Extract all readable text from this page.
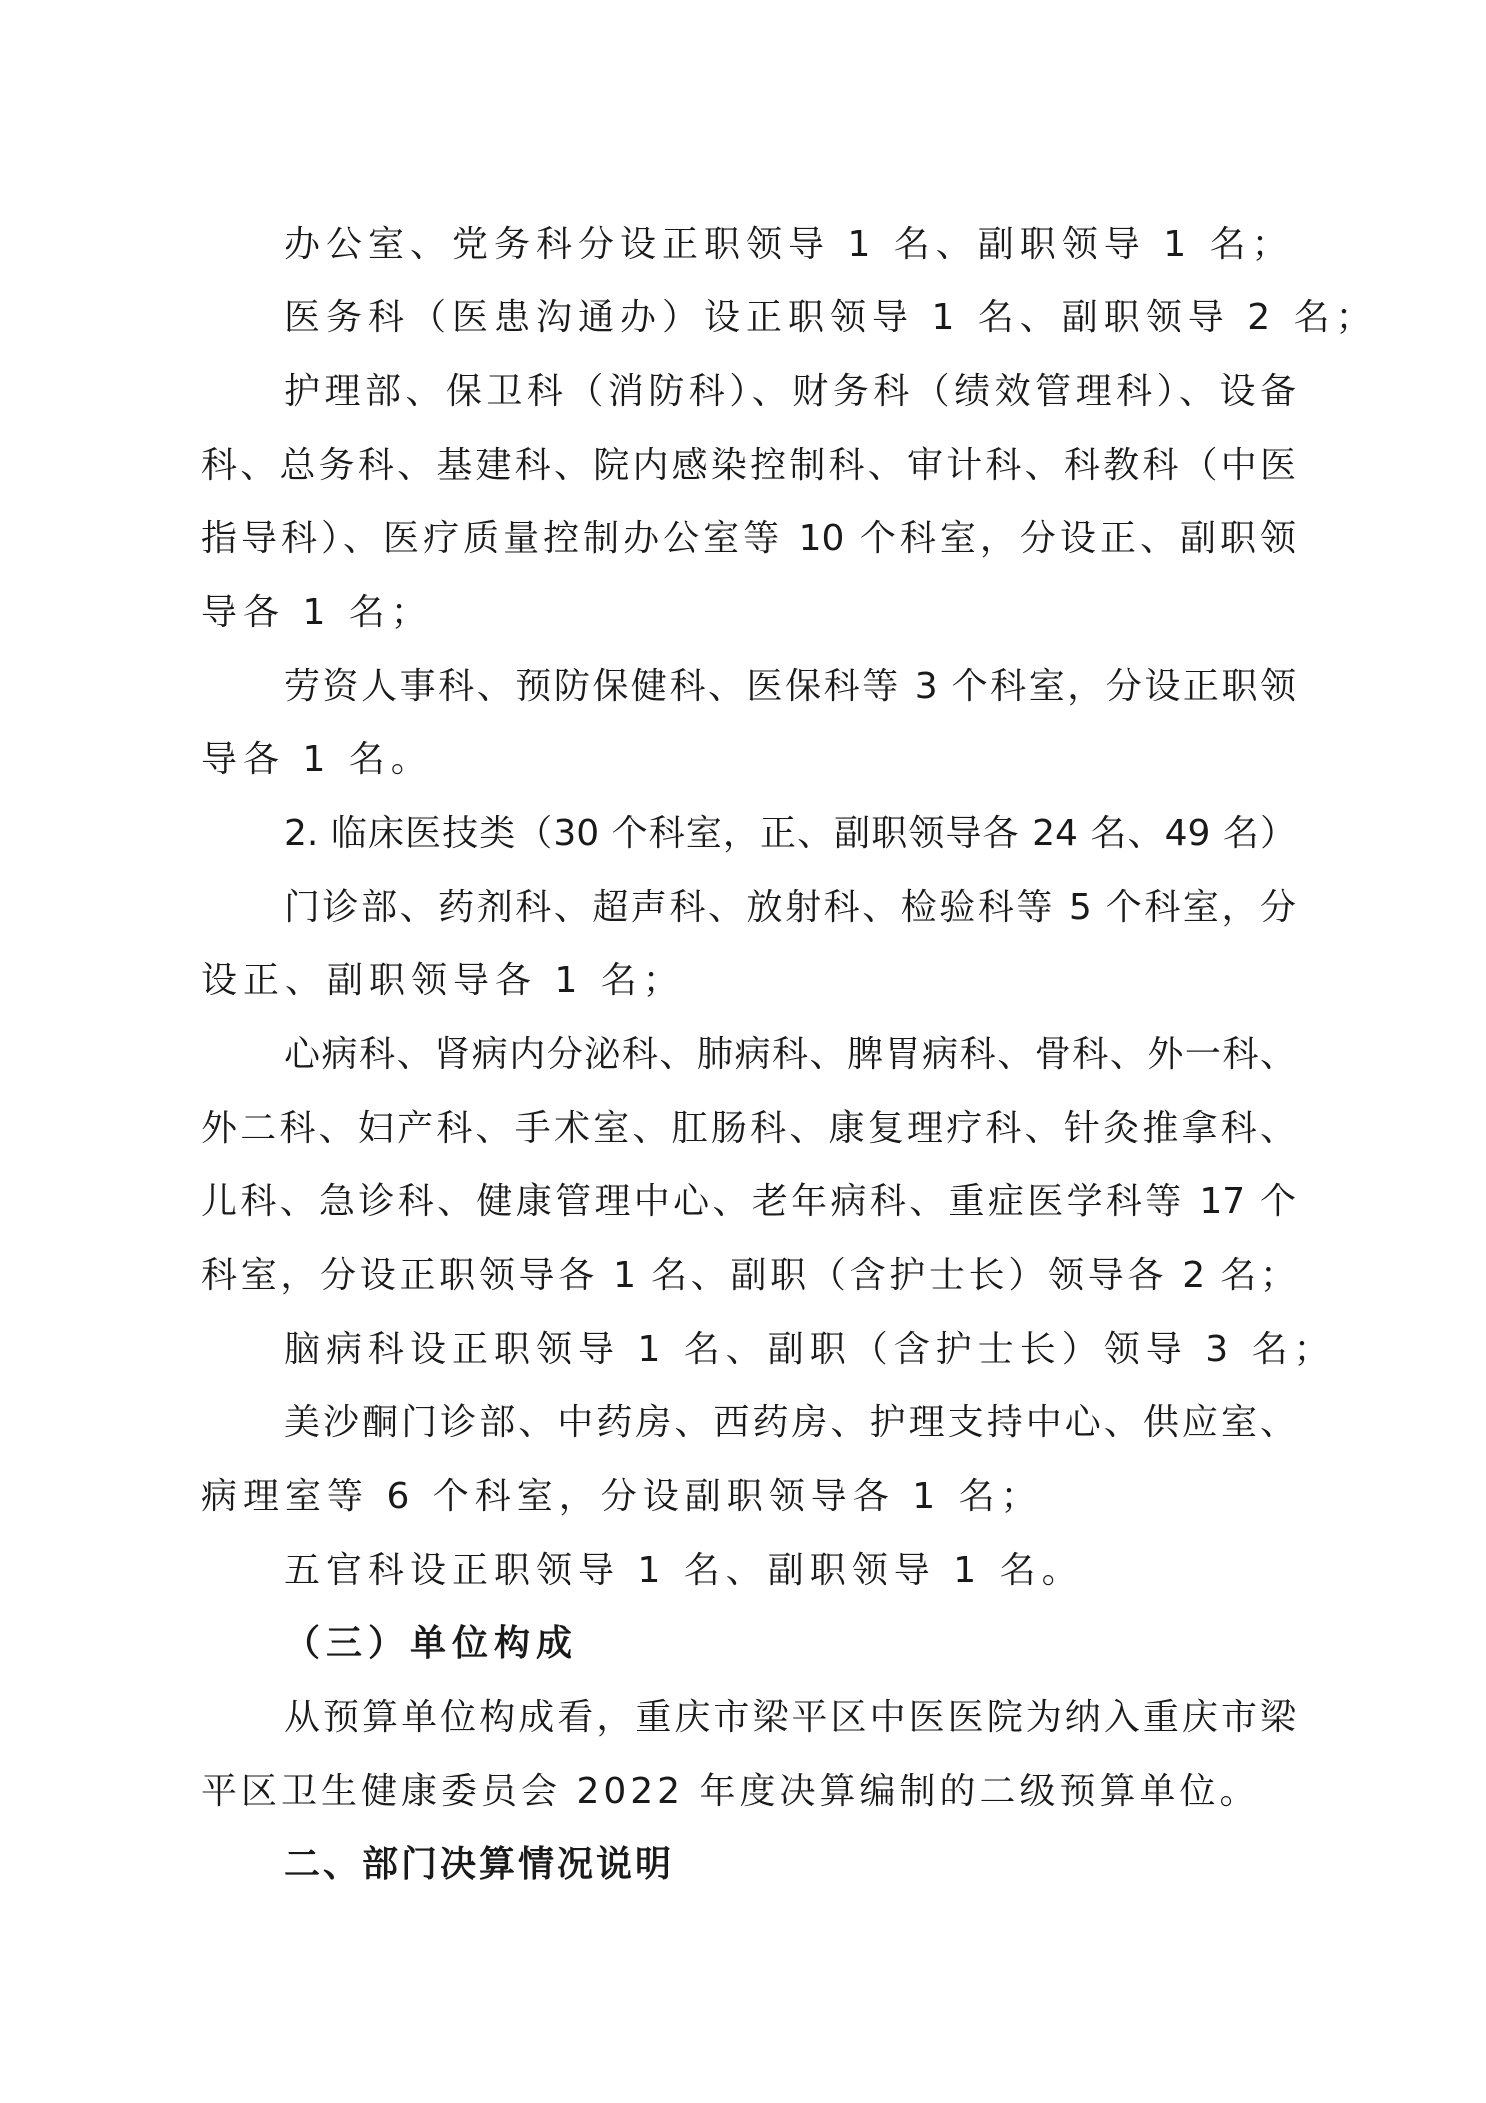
办公室、党务科分设正职领导 1 名、副职领导 1 名；
医务科（医患沟通办）设正职领导 1 名、副职领导 2 名；
护理部、保卫科（消防科）、财务科（绩效管理科）、设备
科、总务科、基建科、院内感染控制科、审计科、科教科（中医
指导科）、医疗质量控制办公室等 10 个科室，分设正、副职领
导各 1 名；
劳资人事科、预防保健科、医保科等 3 个科室，分设正职领
导各 1 名。
2. 临床医技类（30 个科室，正、副职领导各 24 名、49 名）
门诊部、药剂科、超声科、放射科、检验科等 5 个科室，分
设正、副职领导各 1 名；
心病科、肾病内分泌科、肺病科、脾胃病科、骨科、外一科、
外二科、妇产科、手术室、肛肠科、康复理疗科、针灸推拿科、
儿科、急诊科、健康管理中心、老年病科、重症医学科等 17 个
科室，分设正职领导各 1 名、副职（含护士长）领导各 2 名；
脑病科设正职领导 1 名、副职（含护士长）领导 3 名；
美沙酮门诊部、中药房、西药房、护理支持中心、供应室、
病理室等 6 个科室，分设副职领导各 1 名；
五官科设正职领导 1 名、副职领导 1 名。
（三）单位构成
从预算单位构成看，重庆市梁平区中医医院为纳入重庆市梁
平区卫生健康委员会 2022 年度决算编制的二级预算单位。
二、部门决算情况说明
